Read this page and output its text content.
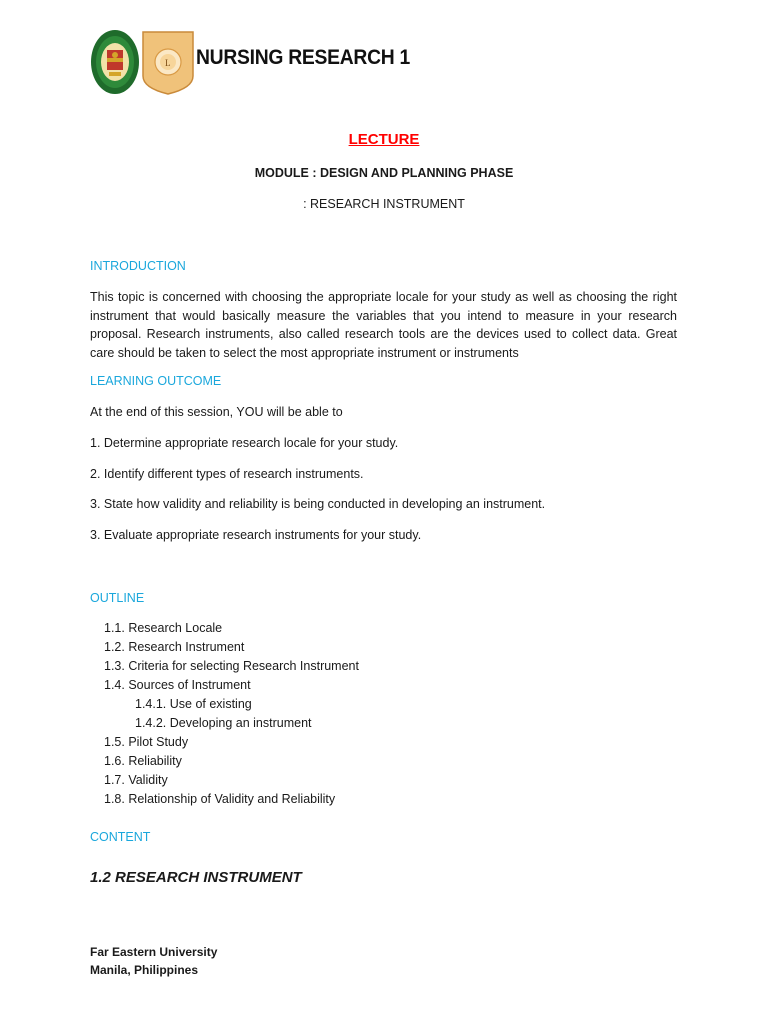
L NURSING RESEARCH 1
LECTURE
MODULE : DESIGN AND PLANNING PHASE
: RESEARCH INSTRUMENT
INTRODUCTION
This topic is concerned with choosing the appropriate locale for your study as well as choosing the right instrument that would basically measure the variables that you intend to measure in your research proposal. Research instruments, also called research tools are the devices used to collect data. Great care should be taken to select the most appropriate instrument or instruments
LEARNING OUTCOME
At the end of this session, YOU will be able to
1. Determine appropriate research locale for your study.
2. Identify different types of research instruments.
3. State how validity and reliability is being conducted in developing an instrument.
3. Evaluate appropriate research instruments for your study.
OUTLINE
1.1. Research Locale
1.2. Research Instrument
1.3. Criteria for selecting Research Instrument
1.4. Sources of Instrument
1.4.1. Use of existing
1.4.2. Developing an instrument
1.5. Pilot Study
1.6. Reliability
1.7. Validity
1.8. Relationship of Validity and Reliability
CONTENT
1.2 RESEARCH INSTRUMENT
Far Eastern University
Manila, Philippines
